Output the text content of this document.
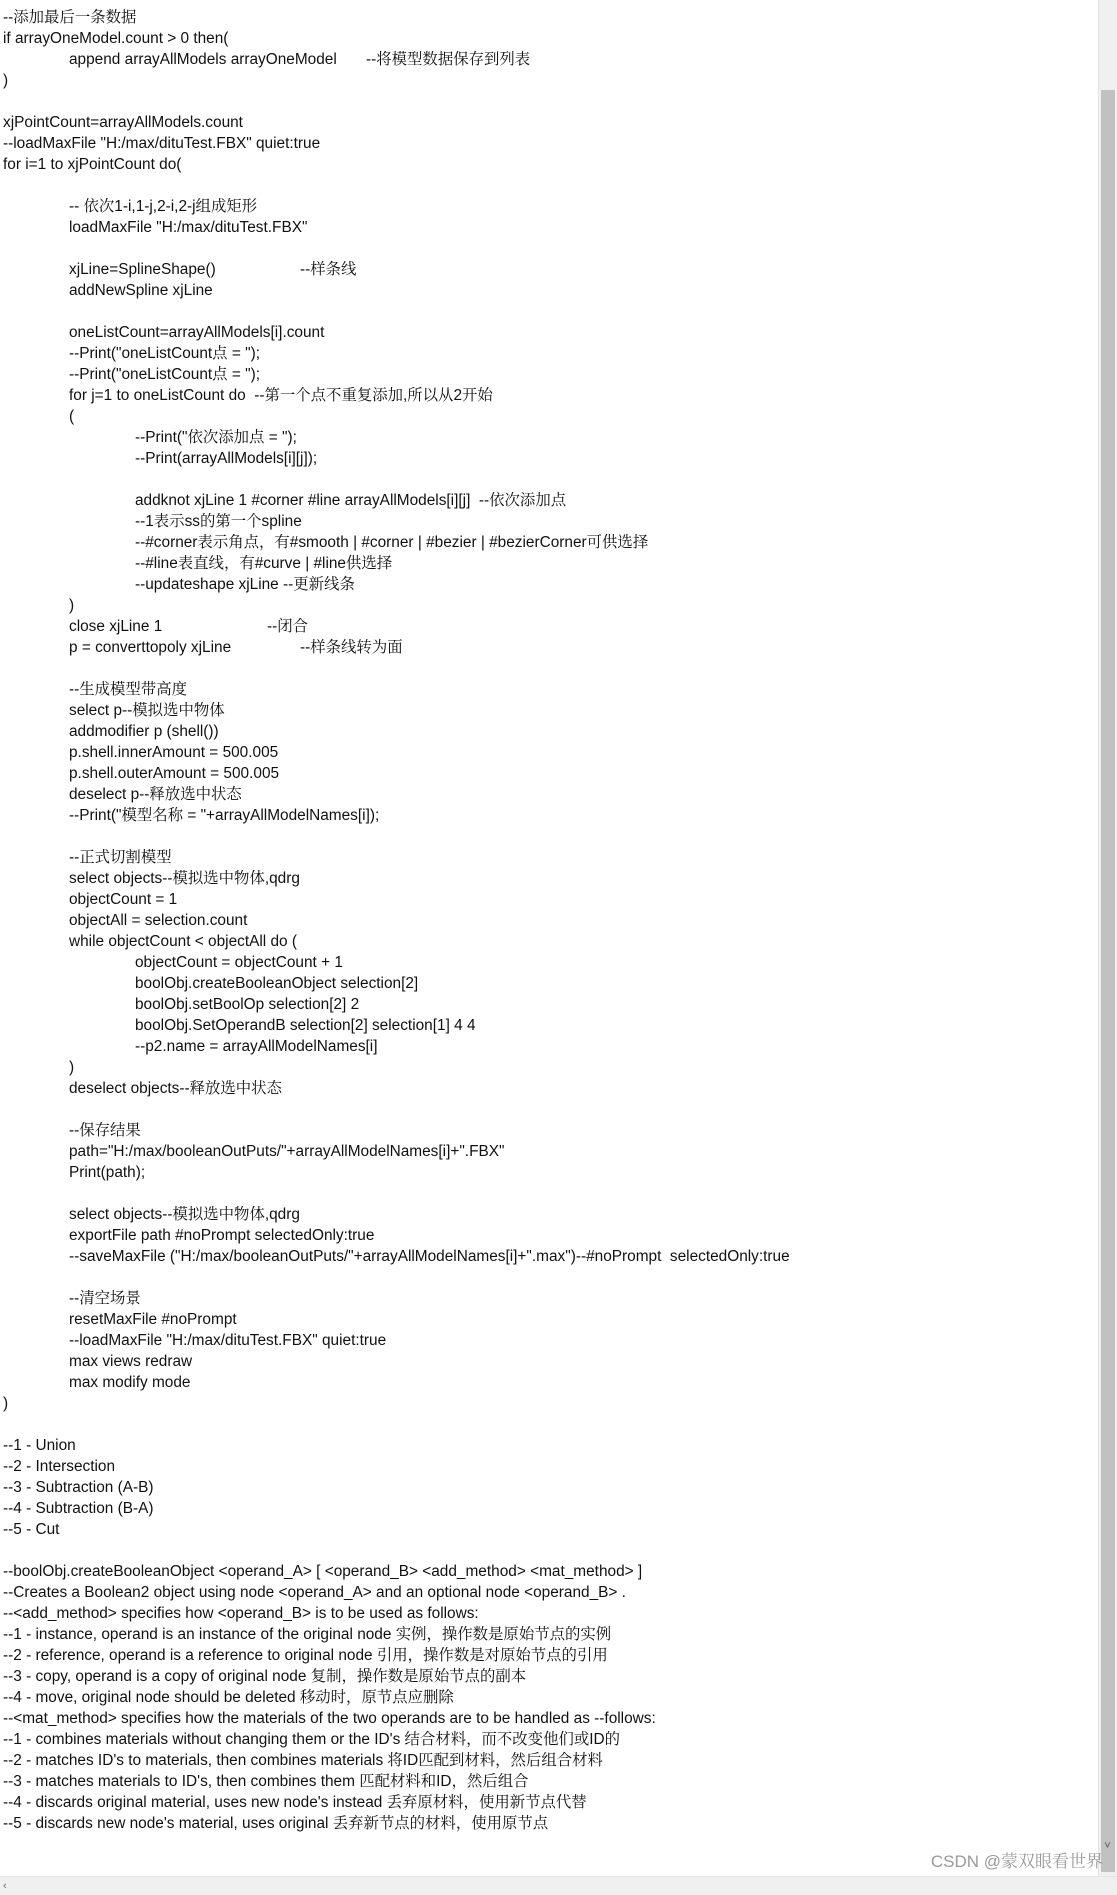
--添加最后一条数据
if arrayOneModel.count > 0 then(
		append arrayAllModels arrayOneModel	--将模型数据保存到列表
)
xjPointCount=arrayAllModels.count
--loadMaxFile "H:/max/dituTest.FBX" quiet:true
for i=1 to xjPointCount do(
		-- 依次1-i,1-j,2-i,2-j组成矩形
		loadMaxFile "H:/max/dituTest.FBX"
		xjLine=SplineShape()			--样条线
		addNewSpline xjLine
		oneListCount=arrayAllModels[i].count
		--Print("oneListCount点 = ");
		--Print("oneListCount点 = ");
		for j=1 to oneListCount do  --第一个点不重复添加,所以从2开始
		(
				--Print("依次添加点 = ");
				--Print(arrayAllModels[i][j]);
				addknot xjLine 1 #corner #line arrayAllModels[i][j]  --依次添加点
				--1表示ss的第一个spline
				--#corner表示角点，有#smooth | #corner | #bezier | #bezierCorner可供选择
				--#line表直线，有#curve | #line供选择
				--updateshape xjLine --更新线条
		)
		close xjLine 1				--闭合
		p = converttopoly xjLine			--样条线转为面
		--生成模型带高度
		select p--模拟选中物体
		addmodifier p (shell())
		p.shell.innerAmount = 500.005
		p.shell.outerAmount = 500.005
		deselect p--释放选中状态
		--Print("模型名称 = "+arrayAllModelNames[i]);
		--正式切割模型
		select objects--模拟选中物体,qdrg
		objectCount = 1
		objectAll = selection.count
		while objectCount < objectAll do (
				objectCount = objectCount + 1
				boolObj.createBooleanObject selection[2]
				boolObj.setBoolOp selection[2] 2
				boolObj.SetOperandB selection[2] selection[1] 4 4
				--p2.name = arrayAllModelNames[i]
		)
		deselect objects--释放选中状态
		--保存结果
		path="H:/max/booleanOutPuts/"+arrayAllModelNames[i]+".FBX"
		Print(path);
		select objects--模拟选中物体,qdrg
		exportFile path #noPrompt selectedOnly:true
		--saveMaxFile ("H:/max/booleanOutPuts/"+arrayAllModelNames[i]+".max")--#noPrompt  selectedOnly:true
		--清空场景
		resetMaxFile #noPrompt
		--loadMaxFile "H:/max/dituTest.FBX" quiet:true
		max views redraw
		max modify mode
)
--1 - Union
--2 - Intersection
--3 - Subtraction (A-B)
--4 - Subtraction (B-A)
--5 - Cut
--boolObj.createBooleanObject <operand_A> [ <operand_B> <add_method> <mat_method> ]
--Creates a Boolean2 object using node <operand_A> and an optional node <operand_B> .
--<add_method> specifies how <operand_B> is to be used as follows:
--1 - instance, operand is an instance of the original node 实例，操作数是原始节点的实例
--2 - reference, operand is a reference to original node 引用，操作数是对原始节点的引用
--3 - copy, operand is a copy of original node 复制，操作数是原始节点的副本
--4 - move, original node should be deleted 移动时，原节点应删除
--<mat_method> specifies how the materials of the two operands are to be handled as --follows:
--1 - combines materials without changing them or the ID's 结合材料，而不改变他们或ID的
--2 - matches ID's to materials, then combines materials 将ID匹配到材料，然后组合材料
--3 - matches materials to ID's, then combines them 匹配材料和ID，然后组合
--4 - discards original material, uses new node's instead 丢弃原材料，使用新节点代替
--5 - discards new node's material, uses original 丢弃新节点的材料，使用原节点
˅
‹
CSDN @蒙双眼看世界
